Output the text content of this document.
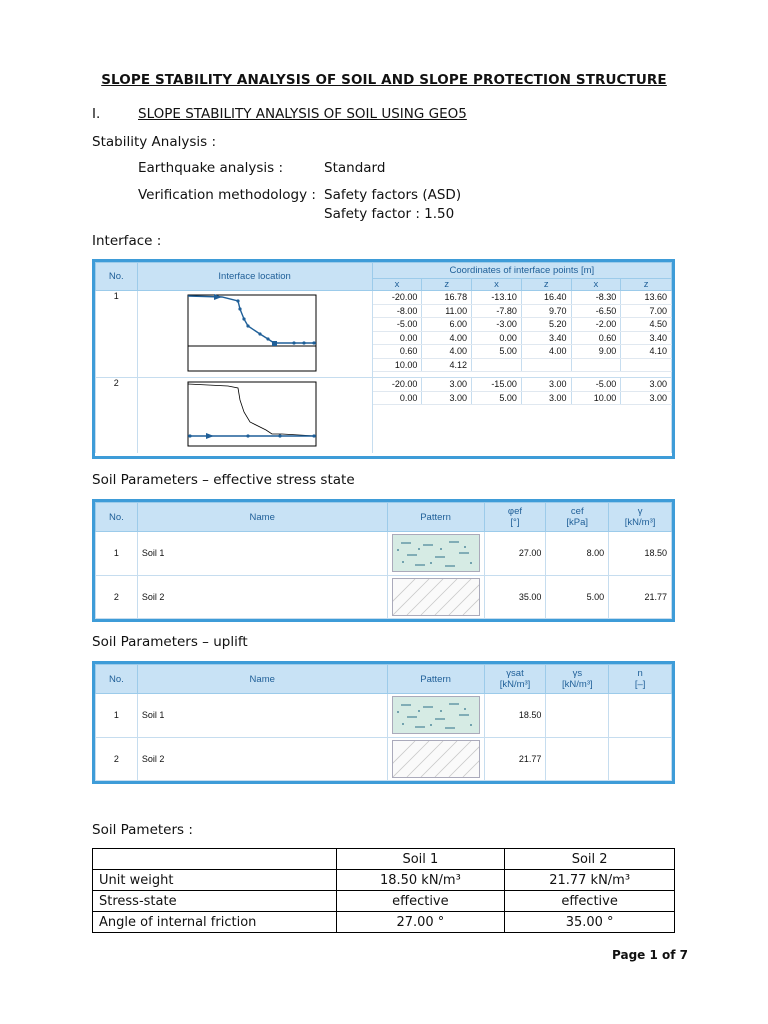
SLOPE STABILITY ANALYSIS OF SOIL AND SLOPE PROTECTION STRUCTURE
I.	SLOPE STABILITY ANALYSIS OF SOIL USING GEO5
Stability Analysis :
Earthquake analysis :	Standard
Verification methodology : Safety factors (ASD)
Safety factor : 1.50
Interface :
No.	Interface location	Coordinates of interface points [m]					
		x	z	x	z	x	z
1		-20.00	16.78	-13.10	16.40	-8.30	13.60
		-8.00	11.00	-7.80	9.70	-6.50	7.00
		-5.00	6.00	-3.00	5.20	-2.00	4.50
		0.00	4.00	0.00	3.40	0.60	3.40
		0.60	4.00	5.00	4.00	9.00	4.10
		10.00	4.12				

2		-20.00	3.00	-15.00	3.00	-5.00	3.00
		0.00	3.00	5.00	3.00	10.00	3.00

Soil Parameters – effective stress state
No.	Name	Pattern	φef
[°]	cef
[kPa]	γ
[kN/m³]
1	Soil 1		27.00	8.00	18.50
2	Soil 2		35.00	5.00	21.77
Soil Parameters – uplift
No.	Name	Pattern	γsat
[kN/m³]	γs
[kN/m³]	n
[–]
1	Soil 1		18.50		
2	Soil 2		21.77		
Soil Pameters :
	Soil 1	Soil 2
Unit weight	18.50 kN/m³	21.77 kN/m³
Stress-state	effective	effective
Angle of internal friction	27.00 °	35.00 °
Page 1 of 7
